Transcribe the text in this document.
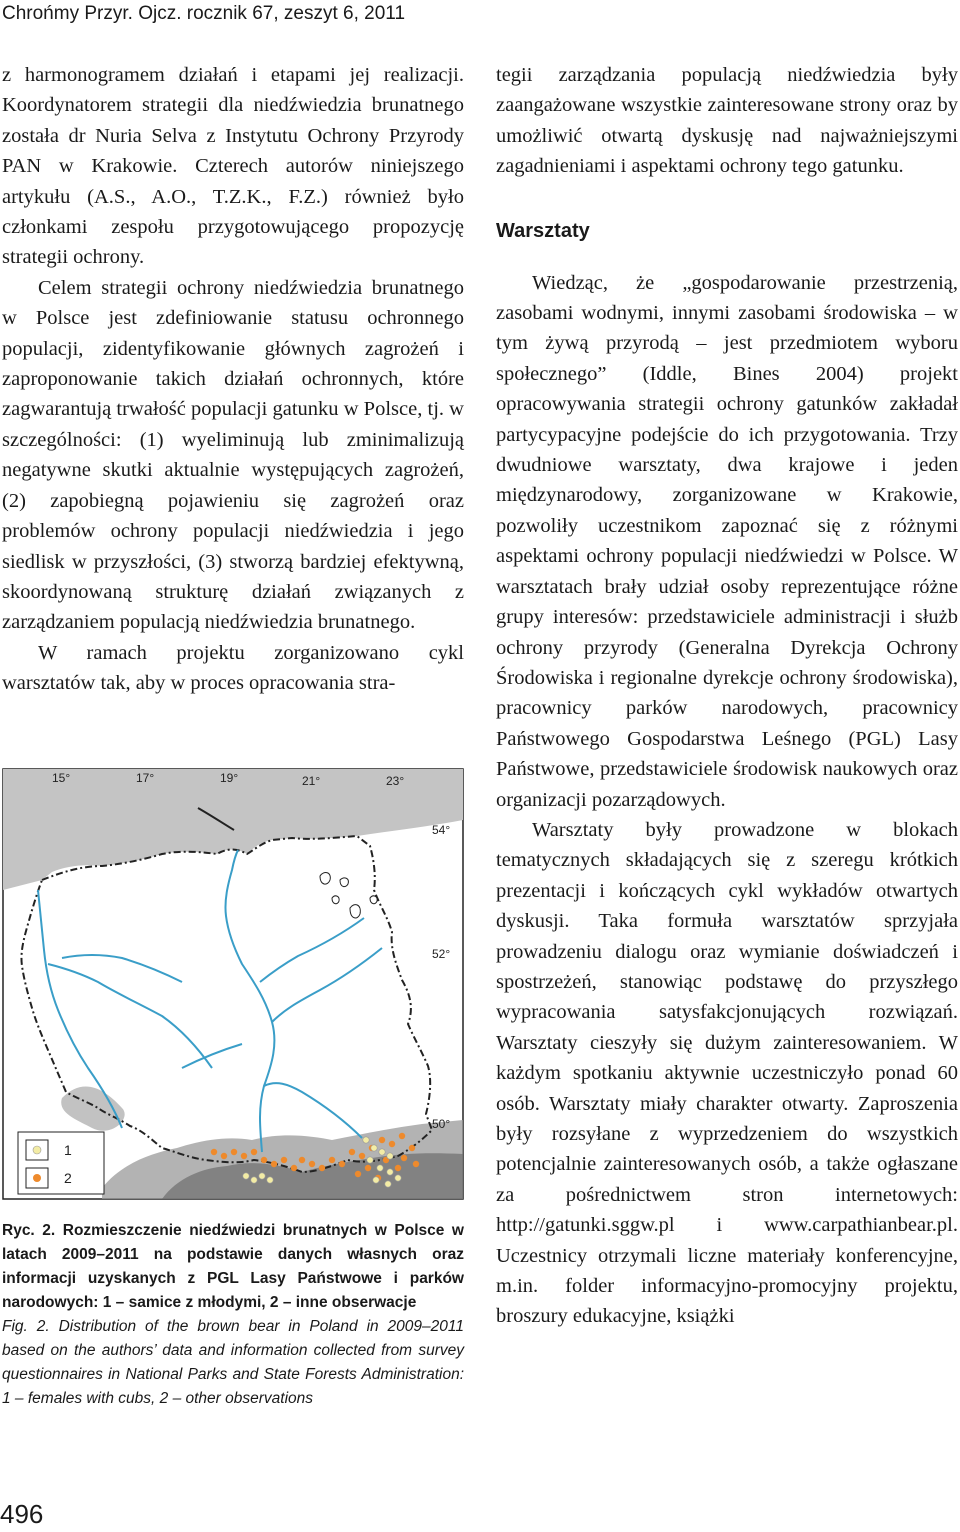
Chrońmy Przyr. Ojcz. rocznik 67, zeszyt 6, 2011

z harmonogramem działań i etapami jej realizacji. Koordynatorem strategii dla niedźwiedzia brunatnego została dr Nuria Selva z Instytutu Ochrony Przyrody PAN w Krakowie. Czterech autorów niniejszego artykułu (A.S., A.O., T.Z.K., F.Z.) również było członkami zespołu przygotowującego propozycję strategii ochrony.

Celem strategii ochrony niedźwiedzia brunatnego w Polsce jest zdefiniowanie statusu ochronnego populacji, zidentyfikowanie głównych zagrożeń i zaproponowanie takich działań ochronnych, które zagwarantują trwałość populacji gatunku w Polsce, tj. w szczególności: (1) wyeliminują lub zminimalizują negatywne skutki aktualnie występujących zagrożeń, (2) zapobiegną pojawieniu się zagrożeń oraz problemów ochrony populacji niedźwiedzia i jego siedlisk w przyszłości, (3) stworzą bardziej efektywną, skoordynowaną strukturę działań związanych z zarządzaniem populacją niedźwiedzia brunatnego.

W ramach projektu zorganizowano cykl warsztatów tak, aby w proces opracowania stra-

15°	17°	19°	21°	23°
54°
52°
50°
1
2

Ryc. 2. Rozmieszczenie niedźwiedzi brunatnych w Polsce w latach 2009–2011 na podstawie danych własnych oraz informacji uzyskanych z PGL Lasy Państwowe i parków narodowych: 1 – samice z młodymi, 2 – inne obserwacje

Fig. 2. Distribution of the brown bear in Poland in 2009–2011 based on the authors’ data and information collected from survey questionnaires in National Parks and State Forests Administration: 1 – females with cubs, 2 – other observations

tegii zarządzania populacją niedźwiedzia były zaangażowane wszystkie zainteresowane strony oraz by umożliwić otwartą dyskusję nad najważniejszymi zagadnieniami i aspektami ochrony tego gatunku.

Warsztaty

Wiedząc, że „gospodarowanie przestrzenią, zasobami wodnymi, innymi zasobami środowiska – w tym żywą przyrodą – jest przedmiotem wyboru społecznego” (Iddle, Bines 2004) projekt opracowywania strategii ochrony gatunków zakładał partycypacyjne podejście do ich przygotowania. Trzy dwudniowe warsztaty, dwa krajowe i jeden międzynarodowy, zorganizowane w Krakowie, pozwoliły uczestnikom zapoznać się z różnymi aspektami ochrony populacji niedźwiedzi w Polsce. W warsztatach brały udział osoby reprezentujące różne grupy interesów: przedstawiciele administracji i służb ochrony przyrody (Generalna Dyrekcja Ochrony Środowiska i regionalne dyrekcje ochrony środowiska), pracownicy parków narodowych, pracownicy Państwowego Gospodarstwa Leśnego (PGL) Lasy Państwowe, przedstawiciele środowisk naukowych oraz organizacji pozarządowych.

Warsztaty były prowadzone w blokach tematycznych składających się z szeregu krótkich prezentacji i kończących cykl wykładów otwartych dyskusji. Taka formuła warsztatów sprzyjała prowadzeniu dialogu oraz wymianie doświadczeń i spostrzeżeń, stanowiąc podstawę do przyszłego wypracowania satysfakcjonujących rozwiązań. Warsztaty cieszyły się dużym zainteresowaniem. W każdym spotkaniu aktywnie uczestniczyło ponad 60 osób. Warsztaty miały charakter otwarty. Zaproszenia były rozsyłane z wyprzedzeniem do wszystkich potencjalnie zainteresowanych osób, a także ogłaszane za pośrednictwem stron internetowych: http://gatunki.sggw.pl i www.carpathianbear.pl. Uczestnicy otrzymali liczne materiały konferencyjne, m.in. folder informacyjno-promocyjny projektu, broszury edukacyjne, książki

496
